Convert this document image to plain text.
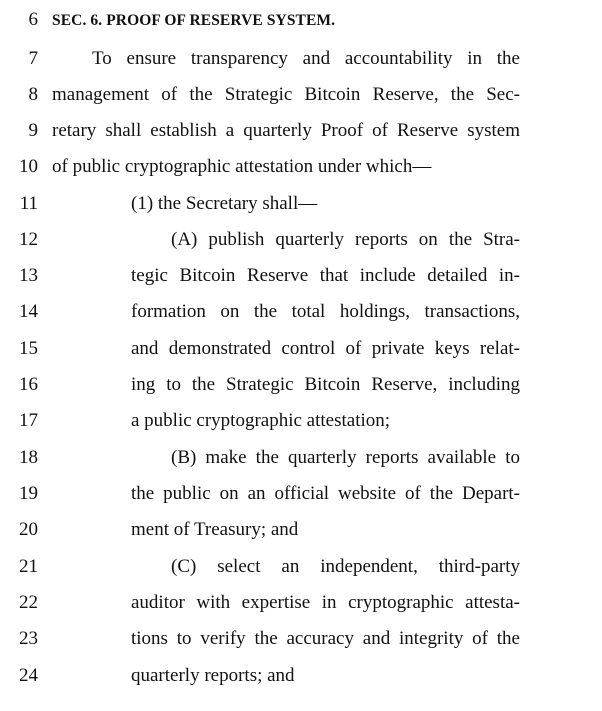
6 SEC. 6. PROOF OF RESERVE SYSTEM.
7	To ensure transparency and accountability in the
8 management of the Strategic Bitcoin Reserve, the Sec-
9 retary shall establish a quarterly Proof of Reserve system
10 of public cryptographic attestation under which—
11	(1) the Secretary shall—
12	(A) publish quarterly reports on the Stra-
13	tegic Bitcoin Reserve that include detailed in-
14	formation on the total holdings, transactions,
15	and demonstrated control of private keys relat-
16	ing to the Strategic Bitcoin Reserve, including
17	a public cryptographic attestation;
18	(B) make the quarterly reports available to
19	the public on an official website of the Depart-
20	ment of Treasury; and
21	(C) select an independent, third-party
22	auditor with expertise in cryptographic attesta-
23	tions to verify the accuracy and integrity of the
24	quarterly reports; and
